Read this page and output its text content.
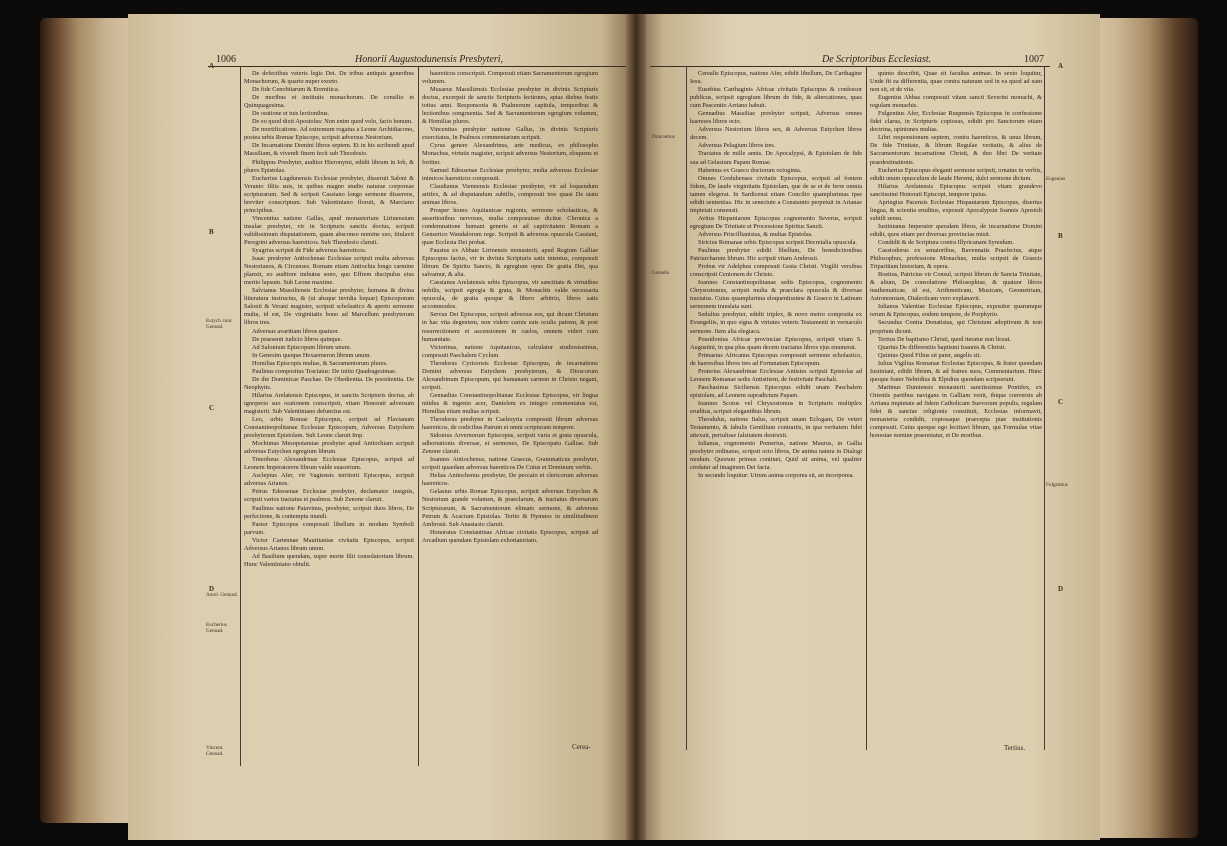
1006	Honorii Augustodunensis Presbyteri,
A
B
C
D
Eutych. tunc Gennad.
Aurel. Gennad.
Eucherius Gennad.
Vincent. Gennad.

De defectibus veteris legis Dei. De tribus antiquis generibus Monachorum, & quarto nuper exorto.

De fide Cenobitarum & Eremitica.

De moribus et institutis monachorum. De consilio et Quinquagesima.

De oratione et tuis lectionibus.

De eo quod dixit Apostolus: Non enim quod volo, facio bonum.

De mortificatione. Ad extremum rogatus a Leone Archidiacono, postea urbis Romae Episcopo, scripsit adversus Nestorium.

De Incarnatione Domini libros septem. Et in his scribendi apud Massiliam, & vivendi finem fecit sub Theodosio.

Philippus Presbyter, auditor Hieronymi, edidit librum in Iob, & plures Epistolas.

Eucherius Lugdunensis Ecclesiae presbyter, disseruit Saloni & Veranio filiis suis, in quibus magno studio naturae corporeae scripturarum. Sed & scripsit Cassiano longo sermone disserens, breviter conscriptum. Sub Valentiniano floruit, & Marciano principibus.

Vincentius natione Gallus, apud monasterium Lirinensium insulae presbyter, vir in Scripturis sanctis doctus, scripsit validissimum disputationem, quam absconso nomine suo, titulavit Peregrini adversus haereticos. Sub Theodosio claruit.

Syagrius scripsit de Fide adversus haereticos.

Isaac presbyter Antiochenae Ecclesiae scripsit multa adversus Nestorianos, & Circenses. Romam etiam Antiochia longo carmine planxit, eo auditore imbutus sono, quo Effrem discipulus eius merito lapsum. Sub Leone maxime.

Salvianus Massiliensis Ecclesiae presbyter, humana & divina litteratura instructus, & (ut absque invidia loquar) Episcoporum Salonii & Verani magister, scripsit scholastico & aperto sermone multa, id est, De virginitatis bono ad Marcellum presbyterum libros tres.

Adversus avaritiam libros quatuor.

De praesenti iudicio libros quinque.

Ad Salonium Episcopum librum unum.

In Genesim quoque Hexaemeron librum unum.

Homilias Episcopis multas, & Sacramentorum plures.

Paulinus compositus Tractatus: De initio Quadragesimae.

De die Dominicae Paschae. De Obedientia. De poenitentia. De Neophytis.

Hilarius Arelatensis Episcopus, in sanctis Scripturis doctus, ab ignoperio suo orationem conscripsit, vitam Honorati adversum magisterii. Sub Valentiniano defunctus est.

Leo, urbis Romae Episcopus, scripsit ad Flavianum Constantinopolitanae Ecclesiae Episcopum, Adversus Eutychem presbyterum Epistolam. Sub Leone claruit Imp.

Mochimus Mesopotamiae presbyter apud Antiochiam scripsit adversus Eutychen egregium librum.

Timotheus Alexandrinae Ecclesiae Episcopus, scripsit ad Leonem Imperatorem librum valde suasorium.

Asclepius Afer, vir Vagiensis territorii Episcopus, scripsit adversus Arianos.

Petrus Edessenae Ecclesiae presbyter, declamator insignis, scripsit varios tractatus et psalmos. Sub Zenone claruit.

Paulinus natione Patavinus, presbyter, scripsit duos libros, De perfectione, & contemptu mundi.

Pastor Episcopus composuit libellum in modum Symboli parvum.

Victor Cartennae Mauritaniae civitatis Episcopus, scripsit Adversus Arianos librum unum.

Ad Basilium quendam, super morte filii consolatorium librum. Hunc Valentiniano obtulit.

haereticos conscripsit. Composuit etiam Sacramentorum egregium volumen.

Musaeus Massiliensis Ecclesiae presbyter in divinis Scripturis doctus, excerpsit de sanctis Scripturis lectiones, aptas diebus festis totius anni. Responsoria & Psalmorum capitula, temporibus & lectionibus congruentia. Sed & Sacramentorum egregium volumen, & Homilias plures.

Vincentius presbyter natione Gallus, in divinis Scripturis exercitatus, In Psalmos commentarium scripsit.

Cyrus genere Alexandrinus, arte medicus, ex philosopho Monachus, virtutis magister, scripsit adversus Nestorium, eloquens et fortiter.

Samuel Edessenae Ecclesiae presbyter, multa adversus Ecclesiae inimicos haereticos composuit.

Claudianus Viennensis Ecclesiae presbyter, vir ad loquendum artifex, & ad disputandum subtilis, composuit tres quasi De statu animae libros.

Prosper homo Aquitanicae regionis, sermone scholasticus, & assertionibus nervosus, multa composuisse dicitur. Chronica a condemnatione humani generis et ad captivitatem Romam a Genserico Wandalorum rege. Scripsit & adversus opuscula Cassiani, quae Ecclesia Dei probat.

Faustus ex Abbate Lirinensis monasterii, apud Regium Galliae Episcopus factus, vir in divinis Scripturis satis intentus, composuit librum De Spiritu Sancto, & egregium opus De gratia Dei, qua salvamur, & alia.

Cassianus Arelatensis urbis Episcopus, vir sanctitate & virtutibus nobilis, scripsit egregia & grata, & Monachis valde necessaria opuscula, de gratia quoque & libero arbitrio, libros satis accommodos.

Servus Dei Episcopus, scripsit adversus eos, qui dicunt Christum in hac vita degentem, non videre carnis suis oculis patrem, & post resurrectionem et ascensionem in caelos, omnem videri cum humanitate.

Victorinus, natione Aquitanicus, calculator studiosissimus, composuit Paschalem Cyclum.

Theodorus Cyricensis Ecclesiae Episcopus, de incarnatione Domini adversus Eutychem presbyterum, & Dioscorum Alexandrinum Episcopum, qui humanam carnem in Christo negant, scripsit.

Gennadius Constantinopolitanae Ecclesiae Episcopus, vir lingua nitidus & ingenio acer, Danielem ex integro commentatus est, Homilias etiam multas scripsit.

Theodorus presbyter in Caelesyria composuit librum adversus haereticos, de codicibus Patrum et omni scripturam tempore.

Sidonius Arvernorum Episcopus, scripsit varia et grata opuscula, adhortationis diversae, et sermones, De Episcopatu Galliae. Sub Zenone claruit.

Ioannes Antiochenus, natione Graecus, Grammaticus presbyter, scripsit quaedam adversus haereticos De Cuius et Dominum verbis.

Helias Antiochenus presbyter, De peccato et clericorum adversus haereticos.

Gelasius urbis Romae Episcopus, scripsit adversus Eutychen & Nestorium grande volumen, & praeclarum, & tractatus diversarum Scripturarum, & Sacramentorum elimato sermone, & adversus Petrum & Acacium Epistolas. Tertio & Hymnos in similitudinem Ambrosii. Sub Anastasio claruit.

Honoratus Constantinae Africae civitatis Episcopus, scripsit ad Arcadium quendam Epistolam exhortatoriam.

Cerea-
De Scriptoribus Ecclesiast.	1007
A
B
C
D
Dracontius
Cerealis
Eugenius
Fulgentius

Cerealis Episcopus, natione Afer, edidit libellum, De Carthagine Iesu.

Eusebius Carthaginis Africae civitatis Episcopus & confessor publicus, scripsit egregium librum de fide, & altercationes, quas cum Pascentio Arriano habuit.

Gennadius Massiliae presbyter scripsit, Adversus omnes haereses libros octo.

Adversus Nestorium libros sex, & Adversus Eutychen libros decem.

Adversus Pelagium libros tres.

Tractatus de mille annis. De Apocalypsi, & Epistolam de fide sua ad Gelasium Papam Romae.

Habemus ex Graeco doctorum octoginta.

Omnes Cordubenses civitatis Episcopus, scripsit ad fontem fidem, De laude virginitatis Epistolam, que de se et de ferre omnia tamen elegerat. In Sardicensi etiam Concilio quamplurimas ipse edidit sententias. Hic in senectute a Constantio perpetuit in Arianae impietati consensit.

Avitus Hispaniarum Episcopus cognomento Severus, scripsit egregium De Trinitate et Processione Spiritus Sancti.

Adversus Priscillianistas, & multas Epistolas.

Siricius Romanae urbis Episcopus scripsit Decretalia opuscula.

Paulinus presbyter edidit libellum, De benedictionibus Patriarcharum librum. Hic scripsit vitam Ambrosii.

Probus vir Adelphus composuit Gesta Christi. Virgilii versibus conscripsit Centonem de Christo.

Ioannes Constantinopolitanae sedis Episcopus, cognomento Chrysostomus, scripsit multa & praeclara opuscula & diversas tractatus. Cuius quamplurima eloquentissime & Graeco in Latinum sermonem translata sunt.

Sedulius presbyter, edidit triplex, & novo metro composita ex Evangeliis, in quo signa & virtutes veteris Testamenti in vernaculo sermone. Item alia elegiaca.

Possidonius Africae provinciae Episcopus, scripsit vitam S. Augustini, in qua plus quam decem tractatus libros ejus enumerat.

Primasius Africanus Episcopus composuit sermone scholastico, de haeresibus libros tres ad Fortunatum Episcopum.

Proterius Alexandrinae Ecclesiae Antistes scripsit Epistolas ad Leonem Romanae sedis Antistitem, de festivitate Paschali.

Paschasinus Siciliensis Episcopus edidit unam Paschalem epistolam, ad Leonem supradictum Papam.

Ioannes Scotus vel Chrysostomus in Scripturis multiplex eruditus, scripsit elegantibus librum.

Theodulus, natione Italus, scripsit unam Eclogam, De veteri Testamento, & fabulis Gentilium contrariis, in qua veritatem fidei attexuit, pertulisse falsitatem destruxit.

Iulianus, cognomento Pomerius, natione Maurus, in Gallia presbyter ordinatus, scripsit octo libros, De anima natura in Dialogi modum. Quorum primus continet, Quid sit anima, vel qualiter credatur ad imaginem Dei facta.

In secundo loquitur: Utrum anima corporea sit, an incorporea.

quinto describit, Quae sit facultas animae. In sexto loquitur, Unde fit ea differentia, quae contra naturam sed in ea quod ad eam non sit, et de vita.

Eugenius Abbas composuit vitam sancti Severini monachi, & regulam monachis.

Fulgentius Afer, Ecclesiae Ruspensis Episcopus in confessione fidei clarus, in Scripturis copiosus, edidit pro Sanctorum etiam doctrina, opiniones multas.

Libri responsionum septem, contra haereticos, & unus librum, De fide Trinitate, & librum Regulae veritatis, & alius de Sacramentorum incarnatione Christi, & duo libri De veritate praedestinationis.

Eucherius Episcopus eleganti sermone scripsit, ornatus in verbis, edidit unum opusculum de laude Heremi, dulci sermone dictum.

Hilarius Arelatensis Episcopus scripsit vitam grandevo sanctissimi Honorati Episcopi, tempore ipsius.

Apringius Pacensis Ecclesiae Hispaniarum Episcopus, disertus lingua, & scientia eruditus, exposuit Apocalypsin Ioannis Apostoli subtili sensu.

Iustinianus Imperator quosdam libros, de incarnatione Domini edidit, quos etiam per diversas provincias misit.

Condidit & de Scriptura contra Illyricanam Synodum.

Cassiodorus ex senatoribus, Ravennatis Praefectus, atque Philosophus, professione Monachus, multa scripsit de Graecis Tripartitam historiam, & opera.

Boetius, Patricius vir Consul, scripsit librum de Sancta Trinitate, & alium, De consolatione Philosophiae, & quatuor libros mathematicae, id est, Arithmeticam, Musicam, Geometriam, Astronomiam, Dialecticam vero explanavit.

Iulianus Valentiae Ecclesiae Episcopus, expositor quarumque rerum & Episcopus, eodem tempore, de Porphyrio.

Secundus Contra Donatistas, qui Christum adoptivum & non proprium dicunt.

Tertius De baptismo Christi, quod iteratur non liceat.

Quartus De differentiis baptismi Ioannis & Christi.

Quintus Quod Filius sit pater, angelis sit.

Iulius Vigilius Romanae Ecclesiae Episcopus, & frater quondam Iustiniani, edidit librum, & ad fratres suos, Commentarium. Hunc quoque frater Nebridius & Elpidius quondam scripserunt.

Martinus Dumiensis monasterii sanctissimus Pontifex, ex Orientis partibus navigans in Galliam venit, ibique conversis ab Arriana impietate ad fidem Catholicam Suevorum populis, regulam fidei & sanctae religionis constituit, Ecclesias informavit, monasteria condidit, copiosaque praecepta piae institutionis composuit. Cuius quoque ego lectitavi librum, qui Formulae vitae honestae nomine praenotatur, et De moribus.

Tertius.
